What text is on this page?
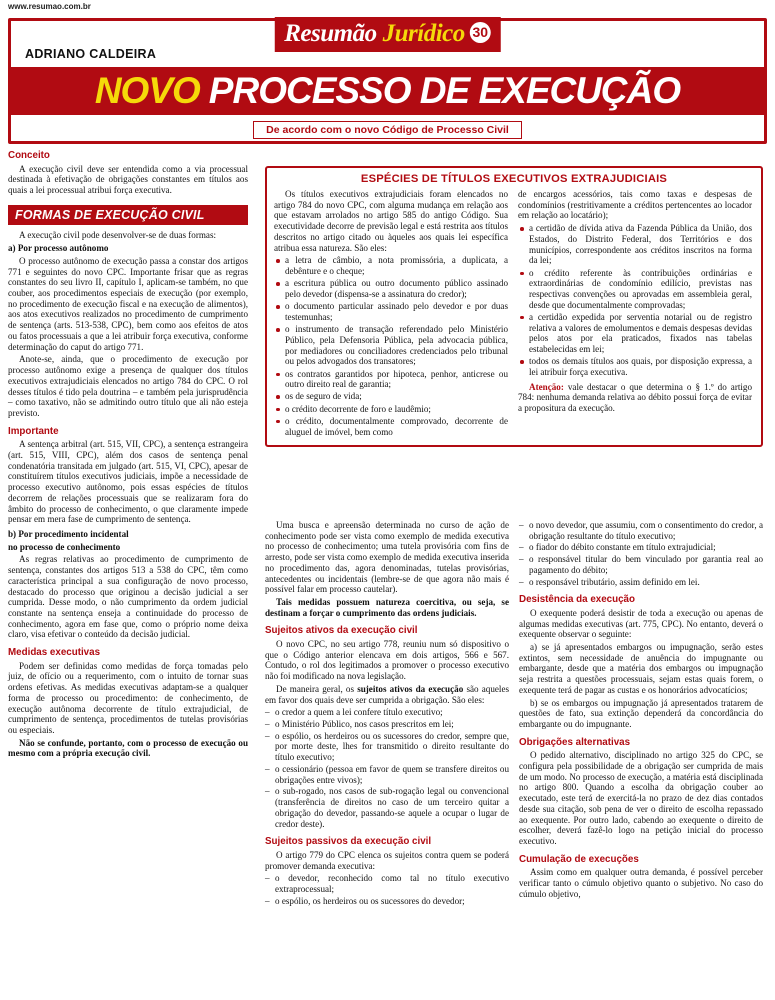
www.resumao.com.br
ADRIANO CALDEIRA
Resumão Jurídico 30
NOVO PROCESSO DE EXECUÇÃO
De acordo com o novo Código de Processo Civil
Conceito

A execução civil deve ser entendida como a via processual destinada à efetivação de obrigações constantes em títulos aos quais a lei processual atribui força executiva.

FORMAS DE EXECUÇÃO CIVIL

A execução civil pode desenvolver-se de duas formas:

a) Por processo autônomo

O processo autônomo de execução passa a constar dos artigos 771 e seguintes do novo CPC. Importante frisar que as regras constantes do seu livro II, capítulo I, aplicam-se também, no que couber, aos procedimentos especiais de execução (por exemplo, no procedimento de execução fiscal e na execução de alimentos), aos atos executivos realizados no procedimento de cumprimento de sentença (arts. 513-538, CPC), bem como aos efeitos de atos ou fatos processuais a que a lei atribuir força executiva, conforme determinação do caput do artigo 771.

Anote-se, ainda, que o procedimento de execução por processo autônomo exige a presença de qualquer dos títulos executivos extrajudiciais elencados no artigo 784 do CPC. O rol desses títulos é tido pela doutrina – e também pela jurisprudência – como taxativo, não se admitindo outro título que ali não esteja previsto.

Importante

A sentença arbitral (art. 515, VII, CPC), a sentença estrangeira (art. 515, VIII, CPC), além dos casos de sentença penal condenatória transitada em julgado (art. 515, VI, CPC), apesar de constituírem títulos executivos judiciais, impõe a necessidade de processo executivo autônomo, pois essas espécies de títulos decorrem de relações processuais que se realizaram fora do âmbito do processo de conhecimento, o que claramente impede pensar em mera fase de cumprimento de sentença.

b) Por procedimento incidental

no processo de conhecimento

As regras relativas ao procedimento de cumprimento de sentença, constantes dos artigos 513 a 538 do CPC, têm como característica principal a sua configuração de novo processo, destacado do processo que originou a decisão judicial a ser cumprida. Desse modo, o não cumprimento da ordem judicial constante na sentença enseja a continuidade do processo de conhecimento, agora em fase que, como o próprio nome deixa claro, visa efetivar o conteúdo da decisão judicial.

Medidas executivas

Podem ser definidas como medidas de força tomadas pelo juiz, de ofício ou a requerimento, com o intuito de tornar suas ordens efetivas. As medidas executivas adaptam-se a qualquer forma de processo ou procedimento: de conhecimento, de execução autônoma decorrente de título extrajudicial, de cumprimento de sentença, procedimentos de tutelas provisórias ou especiais.

Não se confunde, portanto, com o processo de execução ou mesmo com a própria execução civil.

ESPÉCIES DE TÍTULOS EXECUTIVOS EXTRAJUDICIAIS

Os títulos executivos extrajudiciais foram elencados no artigo 784 do novo CPC, com alguma mudança em relação aos que estavam arrolados no artigo 585 do antigo Código. Sua executividade decorre de previsão legal e está restrita aos títulos descritos no artigo citado ou àqueles aos quais lei específica atribua essa natureza. São eles:

a letra de câmbio, a nota promissória, a duplicata, a debênture e o cheque;
a escritura pública ou outro documento público assinado pelo devedor (dispensa-se a assinatura do credor);
o documento particular assinado pelo devedor e por duas testemunhas;
o instrumento de transação referendado pelo Ministério Público, pela Defensoria Pública, pela advocacia pública, por mediadores ou conciliadores credenciados pelo tribunal ou pelos advogados dos transatores;
os contratos garantidos por hipoteca, penhor, anticrese ou outro direito real de garantia;
os de seguro de vida;
o crédito decorrente de foro e laudêmio;
o crédito, documentalmente comprovado, decorrente de aluguel de imóvel, bem como

de encargos acessórios, tais como taxas e despesas de condomínios (restritivamente a créditos pertencentes ao locador em relação ao locatário);

a certidão de dívida ativa da Fazenda Pública da União, dos Estados, do Distrito Federal, dos Territórios e dos municípios, correspondente aos créditos inscritos na forma da lei;
o crédito referente às contribuições ordinárias e extraordinárias de condomínio edilício, previstas nas respectivas convenções ou aprovadas em assembleia geral, desde que documentalmente comprovadas;
a certidão expedida por serventia notarial ou de registro relativa a valores de emolumentos e demais despesas devidas pelos atos por ela praticados, fixados nas tabelas estabelecidas em lei;
todos os demais títulos aos quais, por disposição expressa, a lei atribuir força executiva.

Atenção: vale destacar o que determina o § 1.º do artigo 784: nenhuma demanda relativa ao débito possui força de evitar a propositura da execução.

Uma busca e apreensão determinada no curso de ação de conhecimento pode ser vista como exemplo de medida executiva no processo de conhecimento; uma tutela provisória com fins de arresto, pode ser vista como exemplo de medida executiva inserida no procedimento das, agora denominadas, tutelas provisórias, antecedentes ou incidentais (lembre-se de que agora não mais é possível falar em processo cautelar).

Tais medidas possuem natureza coercitiva, ou seja, se destinam a forçar o cumprimento das ordens judiciais.

Sujeitos ativos da execução civil

O novo CPC, no seu artigo 778, reuniu num só dispositivo o que o Código anterior elencava em dois artigos, 566 e 567. Contudo, o rol dos legitimados a promover o processo executivo não foi modificado na nova legislação.

De maneira geral, os sujeitos ativos da execução são aqueles em favor dos quais deve ser cumprida a obrigação. São eles:

– o credor a quem a lei confere título executivo;
– o Ministério Público, nos casos prescritos em lei;
– o espólio, os herdeiros ou os sucessores do credor, sempre que, por morte deste, lhes for transmitido o direito resultante do título executivo;
– o cessionário (pessoa em favor de quem se transfere direitos ou obrigações entre vivos);
– o sub-rogado, nos casos de sub-rogação legal ou convencional (transferência de direitos no caso de um terceiro quitar a obrigação do devedor, passando-se aquele a ocupar o lugar de credor deste).
Sujeitos passivos da execução civil

O artigo 779 do CPC elenca os sujeitos contra quem se poderá promover demanda executiva:

– o devedor, reconhecido como tal no título executivo extraprocessual;
– o espólio, os herdeiros ou os sucessores do devedor;
– o novo devedor, que assumiu, com o consentimento do credor, a obrigação resultante do título executivo;
– o fiador do débito constante em título extrajudicial;
– o responsável titular do bem vinculado por garantia real ao pagamento do débito;
– o responsável tributário, assim definido em lei.
Desistência da execução

O exequente poderá desistir de toda a execução ou apenas de algumas medidas executivas (art. 775, CPC). No entanto, deverá o exequente observar o seguinte:

a) se já apresentados embargos ou impugnação, serão estes extintos, sem necessidade de anuência do impugnante ou embargante, desde que a matéria dos embargos ou impugnação seja restrita a questões processuais, sejam estas quais forem, o exequente terá de pagar as custas e os honorários advocatícios;

b) se os embargos ou impugnação já apresentados tratarem de questões de fato, sua extinção dependerá da concordância do embargante ou do impugnante.

Obrigações alternativas

O pedido alternativo, disciplinado no artigo 325 do CPC, se configura pela possibilidade de a obrigação ser cumprida de mais de um modo. No processo de execução, a matéria está disciplinada no artigo 800. Quando a escolha da obrigação couber ao executado, este terá de exercitá-la no prazo de dez dias contados desde sua citação, sob pena de ver o direito de escolha repassado ao exequente. Por outro lado, cabendo ao exequente o direito de escolher, deverá fazê-lo logo na petição inicial do processo executivo.

Cumulação de execuções

Assim como em qualquer outra demanda, é possível perceber verificar tanto o cúmulo objetivo quanto o subjetivo. No caso do cúmulo objetivo,
